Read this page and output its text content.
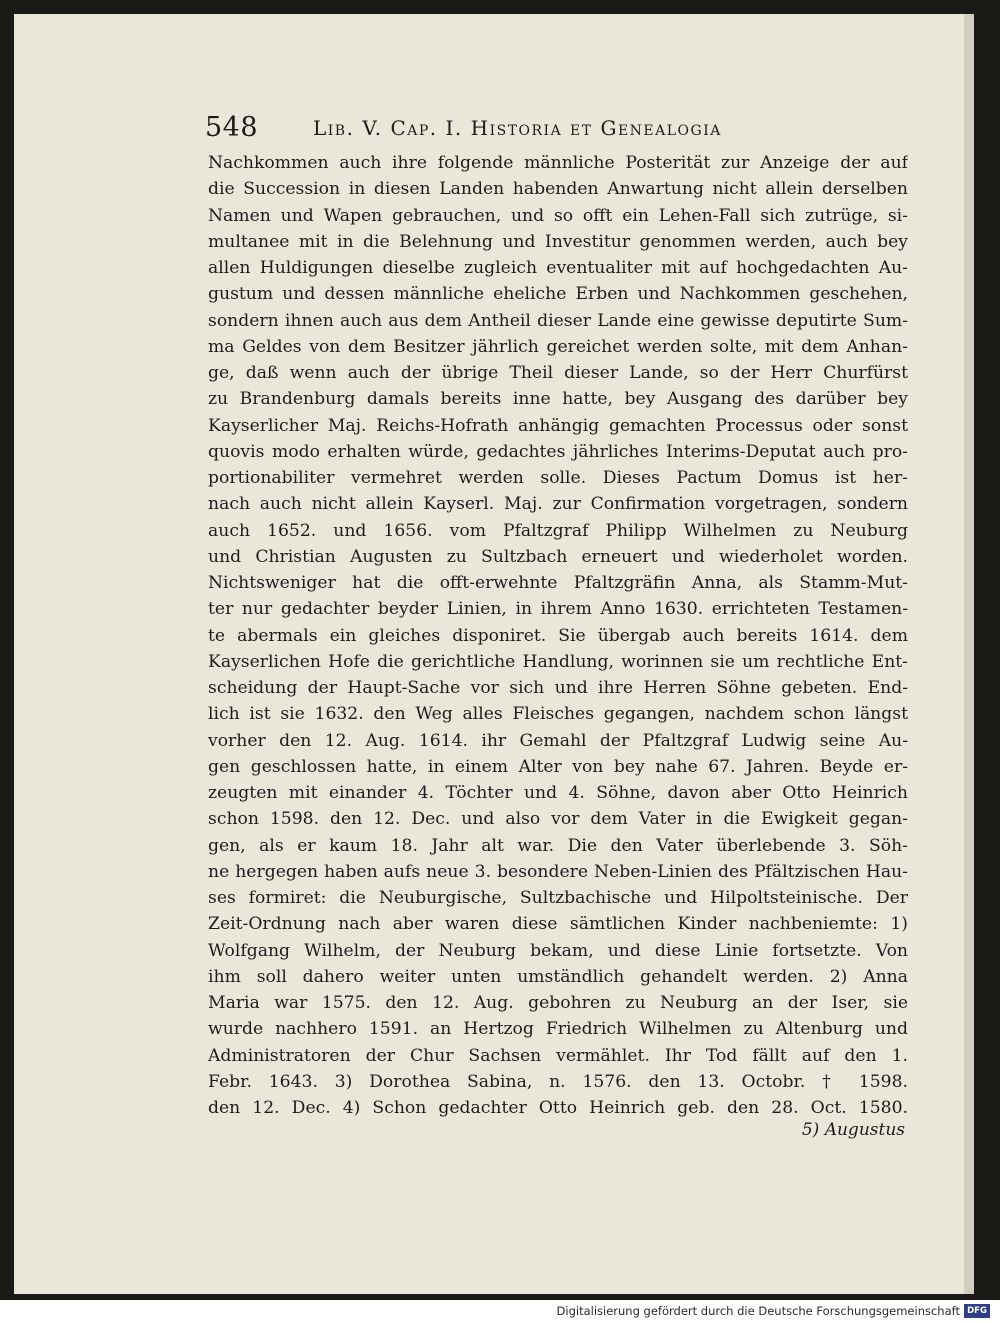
548	Lib. V. Cap. I. Historia et Genealogia
Nachkommen auch ihre folgende männliche Posterität zur Anzeige der auf
die Succession in diesen Landen habenden Anwartung nicht allein derselben
Namen und Wapen gebrauchen, und so offt ein Lehen-Fall sich zutrüge, si-
multanee mit in die Belehnung und Investitur genommen werden, auch bey
allen Huldigungen dieselbe zugleich eventualiter mit auf hochgedachten Au-
gustum und dessen männliche eheliche Erben und Nachkommen geschehen,
sondern ihnen auch aus dem Antheil dieser Lande eine gewisse deputirte Sum-
ma Geldes von dem Besitzer jährlich gereichet werden solte, mit dem Anhan-
ge, daß wenn auch der übrige Theil dieser Lande, so der Herr Churfürst
zu Brandenburg damals bereits inne hatte, bey Ausgang des darüber bey
Kayserlicher Maj. Reichs-Hofrath anhängig gemachten Processus oder sonst
quovis modo erhalten würde, gedachtes jährliches Interims-Deputat auch pro-
portionabiliter vermehret werden solle. Dieses Pactum Domus ist her-
nach auch nicht allein Kayserl. Maj. zur Confirmation vorgetragen, sondern
auch 1652. und 1656. vom Pfaltzgraf Philipp Wilhelmen zu Neuburg
und Christian Augusten zu Sultzbach erneuert und wiederholet worden.
Nichtsweniger hat die offt-erwehnte Pfaltzgräfin Anna, als Stamm-Mut-
ter nur gedachter beyder Linien, in ihrem Anno 1630. errichteten Testamen-
te abermals ein gleiches disponiret. Sie übergab auch bereits 1614. dem
Kayserlichen Hofe die gerichtliche Handlung, worinnen sie um rechtliche Ent-
scheidung der Haupt-Sache vor sich und ihre Herren Söhne gebeten. End-
lich ist sie 1632. den Weg alles Fleisches gegangen, nachdem schon längst
vorher den 12. Aug. 1614. ihr Gemahl der Pfaltzgraf Ludwig seine Au-
gen geschlossen hatte, in einem Alter von bey nahe 67. Jahren. Beyde er-
zeugten mit einander 4. Töchter und 4. Söhne, davon aber Otto Heinrich
schon 1598. den 12. Dec. und also vor dem Vater in die Ewigkeit gegan-
gen, als er kaum 18. Jahr alt war. Die den Vater überlebende 3. Söh-
ne hergegen haben aufs neue 3. besondere Neben-Linien des Pfältzischen Hau-
ses formiret: die Neuburgische, Sultzbachische und Hilpoltsteinische. Der
Zeit-Ordnung nach aber waren diese sämtlichen Kinder nachbeniemte: 1)
Wolfgang Wilhelm, der Neuburg bekam, und diese Linie fortsetzte. Von
ihm soll dahero weiter unten umständlich gehandelt werden. 2) Anna
Maria war 1575. den 12. Aug. gebohren zu Neuburg an der Iser, sie
wurde nachhero 1591. an Hertzog Friedrich Wilhelmen zu Altenburg und
Administratoren der Chur Sachsen vermählet. Ihr Tod fällt auf den 1.
Febr. 1643. 3) Dorothea Sabina, n. 1576. den 13. Octobr. † 1598.
den 12. Dec. 4) Schon gedachter Otto Heinrich geb. den 28. Oct. 1580.
5) Augustus
Digitalisierung gefördert durch die Deutsche Forschungsgemeinschaft DFG
